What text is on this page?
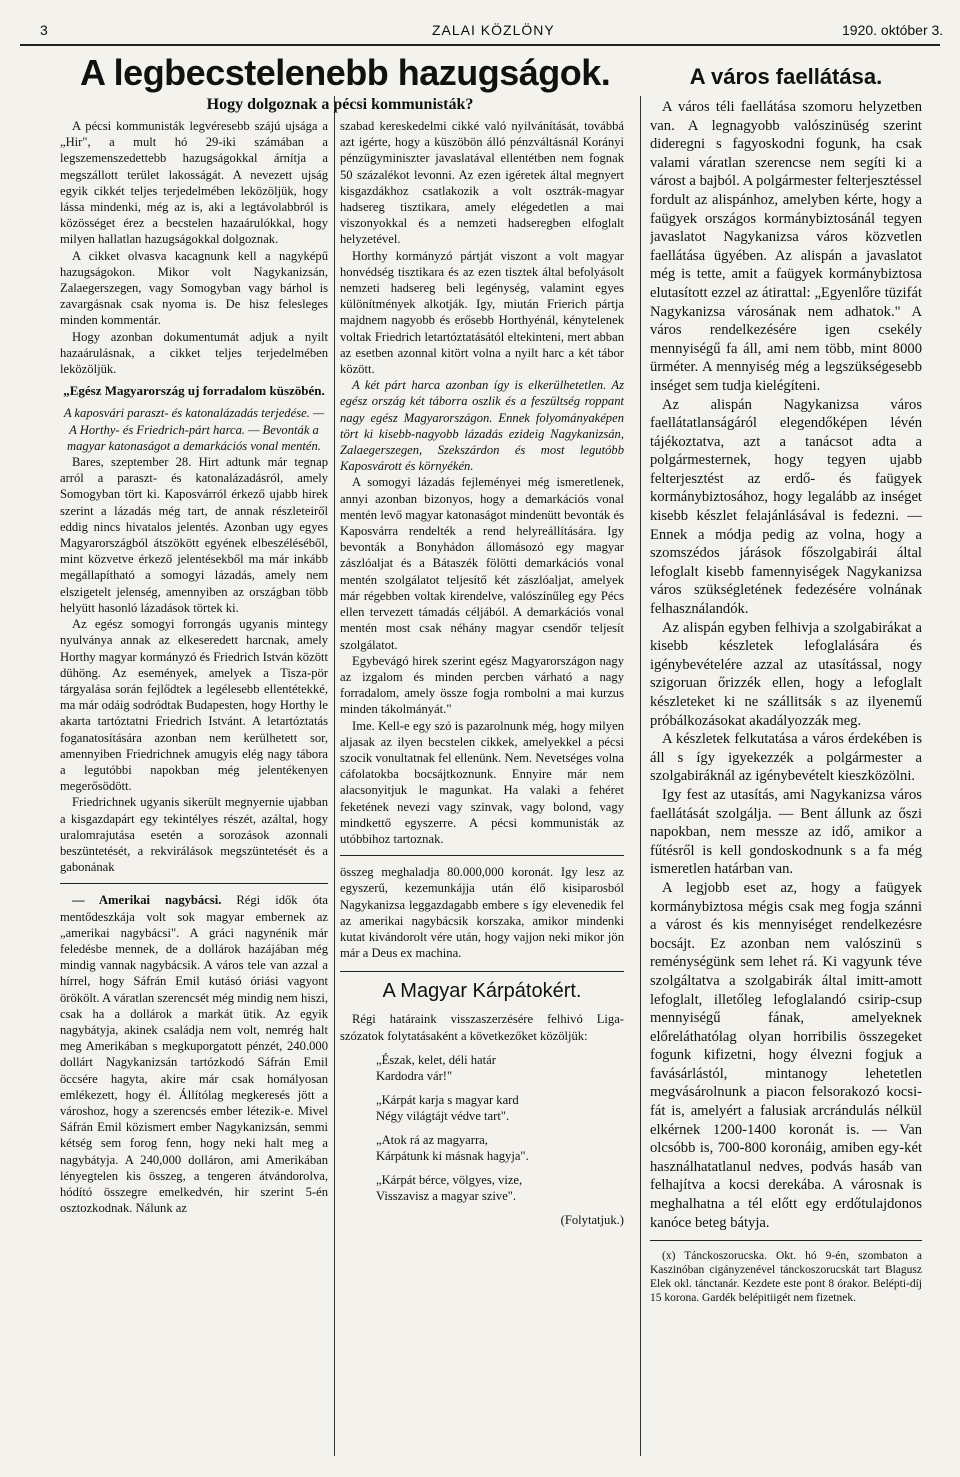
3	ZALAI KÖZLÖNY	1920. október 3.
A legbecstelenebb hazugságok.
Hogy dolgoznak a pécsi kommunisták?
A város faellátása.

A pécsi kommunisták legvéresebb szájú ujsága a „Hir", a mult hó 29-iki számában a legszemenszedettebb hazugságokkal árnítja a megszállott terület lakosságát. A nevezett ujság egyik cikkét teljes terjedelmében leközöljük, hogy lássa mindenki, még az is, aki a legtávolabbról is közösséget érez a becstelen hazaárulókkal, hogy milyen hallatlan hazugságokkal dolgoznak.

A cikket olvasva kacagnunk kell a nagyképű hazugságokon. Mikor volt Nagykanizsán, Zalaegerszegen, vagy Somogyban vagy bárhol is zavargásnak csak nyoma is. De hisz felesleges minden kommentár.

Hogy azonban dokumentumát adjuk a nyilt hazaárulásnak, a cikket teljes terjedelmében leközöljük.

„Egész Magyarország uj forradalom küszöbén.

A kaposvári paraszt- és katonalázadás terjedése. — A Horthy- és Friedrich-párt harca. — Bevonták a magyar katonaságot a demarkációs vonal mentén.

Bares, szeptember 28. Hirt adtunk már tegnap arról a paraszt- és katonalázadásról, amely Somogyban tört ki. Kaposvárról érkező ujabb hirek szerint a lázadás még tart, de annak részleteiről eddig nincs hivatalos jelentés. Azonban ugy egyes Magyarországból átszökött egyének elbeszéléséből, mint közvetve érkező jelentésekből ma már inkább megállapítható a somogyi lázadás, amely nem elszigetelt jelenség, amennyiben az országban több helyütt hasonló lázadások törtek ki.

Az egész somogyi forrongás ugyanis mintegy nyulványa annak az elkeseredett harcnak, amely Horthy magyar kormányzó és Friedrich István között dühöng. Az események, amelyek a Tisza-pör tárgyalása során fejlődtek a legélesebb ellentétekké, ma már odáig sodródtak Budapesten, hogy Horthy le akarta tartóztatni Friedrich Istvánt. A letartóztatás foganatosítására azonban nem kerülhetett sor, amennyiben Friedrichnek amugyis elég nagy tábora a legutóbbi napokban még jelentékenyen megerősödött.

Friedrichnek ugyanis sikerült megnyernie ujabban a kisgazdapárt egy tekintélyes részét, azáltal, hogy uralomrajutása esetén a sorozások azonnali beszüntetését, a rekvirálások megszüntetését és a gabonának

— Amerikai nagybácsi. Régi idők óta mentődeszkája volt sok magyar embernek az „amerikai nagybácsi". A gráci nagynénik már feledésbe mennek, de a dollárok hazájában még mindig vannak nagybácsik. A város tele van azzal a hírrel, hogy Sáfrán Emil kutásó óriási vagyont örökölt. A váratlan szerencsét még mindig nem hiszi, csak ha a dollárok a markát ütik. Az egyik nagybátyja, akinek családja nem volt, nemrég halt meg Amerikában s megkuporgatott pénzét, 240.000 dollárt Nagykanizsán tartózkodó Sáfrán Emil öccsére hagyta, akire már csak homályosan emlékezett, hogy él. Állítólag megkeresés jött a városhoz, hogy a szerencsés ember létezik-e. Mivel Sáfrán Emil közismert ember Nagykanizsán, semmi kétség sem forog fenn, hogy neki halt meg a nagybátyja. A 240,000 dolláron, ami Amerikában lényegtelen kis összeg, a tengeren átvándorolva, hódító összegre emelkedvén, hir szerint 5-én osztozkodnak. Nálunk az

szabad kereskedelmi cikké való nyilvánítását, továbbá azt igérte, hogy a küszöbön álló pénzváltásnál Korányi pénzügyminiszter javaslatával ellentétben nem fognak 50 százalékot levonni. Az ezen igéretek által megnyert kisgazdákhoz csatlakozik a volt osztrák-magyar hadsereg tisztikara, amely elégedetlen a mai viszonyokkal és a nemzeti hadseregben elfoglalt helyzetével.

Horthy kormányzó pártját viszont a volt magyar honvédség tisztikara és az ezen tisztek által befolyásolt nemzeti hadsereg beli legénység, valamint egyes különítmények alkotják. Igy, miután Frierich pártja majdnem nagyobb és erősebb Horthyénál, kénytelenek voltak Friedrich letartóztatásától eltekinteni, mert abban az esetben azonnal kitört volna a nyilt harc a két tábor között.

A két párt harca azonban így is elkerülhetetlen. Az egész ország két táborra oszlik és a feszültség roppant nagy egész Magyarországon. Ennek folyományaképen tört ki kisebb-nagyobb lázadás ezideig Nagykanizsán, Zalaegerszegen, Szekszárdon és most legutóbb Kaposvárott és környékén.

A somogyi lázadás fejleményei még ismeretlenek, annyi azonban bizonyos, hogy a demarkációs vonal mentén levő magyar katonaságot mindenütt bevonták és Kaposvárra rendelték a rend helyreállítására. Igy bevonták a Bonyhádon állomásozó egy magyar zászlóaljat és a Bátaszék fölötti demarkációs vonal mentén szolgálatot teljesítő két zászlóaljat, amelyek már régebben voltak kirendelve, valószínűleg egy Pécs ellen tervezett támadás céljából. A demarkációs vonal mentén most csak néhány magyar csendőr teljesít szolgálatot.

Egybevágó hirek szerint egész Magyarországon nagy az izgalom és minden percben várható a nagy forradalom, amely össze fogja rombolni a mai kurzus minden tákolmányát."

Ime. Kell-e egy szó is pazarolnunk még, hogy milyen aljasak az ilyen becstelen cikkek, amelyekkel a pécsi szocik vonultatnak fel ellenünk. Nem. Nevetséges volna cáfolatokba bocsájtkoznunk. Ennyire már nem alacsonyitjuk le magunkat. Ha valaki a fehéret feketének nevezi vagy szinvak, vagy bolond, vagy mindkettő egyszerre. A pécsi kommunisták az utóbbihoz tartoznak.

összeg meghaladja 80.000,000 koronát. Igy lesz az egyszerű, kezemunkájja után élő kisiparosból Nagykanizsa leggazdagabb embere s így elevenedik fel az amerikai nagybácsik korszaka, amikor mindenki kutat kivándorolt vére után, hogy vajjon neki mikor jön már a Deus ex machina.

A Magyar Kárpátokért.

Régi határaink visszaszerzésére felhivó Liga-szózatok folytatásaként a következőket közöljük:

„Észak, kelet, déli határ
Kardodra vár!"
„Kárpát karja s magyar kard
Négy világtájt védve tart".
„Atok rá az magyarra,
Kárpátunk ki másnak hagyja".
„Kárpát bérce, völgyes, vize,
Visszavisz a magyar szive".

(Folytatjuk.)

A város téli faellátása szomoru helyzetben van. A legnagyobb valószinüség szerint dideregni s fagyoskodni fogunk, ha csak valami váratlan szerencse nem segíti ki a várost a bajból. A polgármester felterjesztéssel fordult az alispánhoz, amelyben kérte, hogy a faügyek országos kormánybiztosánál tegyen javaslatot Nagykanizsa város közvetlen faellátása ügyében. Az alispán a javaslatot még is tette, amit a faügyek kormánybiztosa elutasított ezzel az átirattal: „Egyenlőre tüzifát Nagykanizsa városának nem adhatok." A város rendelkezésére igen csekély mennyiségű fa áll, ami nem több, mint 8000 ürméter. A mennyiség még a legszükségesebb inséget sem tudja kielégíteni.

Az alispán Nagykanizsa város faellátatlanságáról elegendőképen lévén tájékoztatva, azt a tanácsot adta a polgármesternek, hogy tegyen ujabb felterjesztést az erdő- és faügyek kormánybiztosához, hogy legalább az inséget kisebb készlet felajánlásával is fedezni. — Ennek a módja pedig az volna, hogy a szomszédos járások főszolgabirái által lefoglalt kisebb famennyiségek Nagykanizsa város szükségletének fedezésére volnának felhasználandók.

Az alispán egyben felhivja a szolgabirákat a kisebb készletek lefoglalására és igénybevételére azzal az utasítással, nogy szigoruan őrizzék ellen, hogy a lefoglalt készleteket ki ne szállitsák s az ilyenemű próbálkozásokat akadályozzák meg.

A készletek felkutatása a város érdekében is áll s így igyekezzék a polgármester a szolgabiráknál az igénybevételt kieszközölni.

Igy fest az utasítás, ami Nagykanizsa város faellátását szolgálja. — Bent állunk az őszi napokban, nem messze az idő, amikor a fűtésről is kell gondoskodnunk s a fa még ismeretlen határban van.

A legjobb eset az, hogy a faügyek kormánybiztosa mégis csak meg fogja szánni a várost és kis mennyiséget rendelkezésre bocsájt. Ez azonban nem valószinü s reménységünk sem lehet rá. Ki vagyunk téve szolgáltatva a szolgabirák által imitt-amott lefoglalt, illetőleg lefoglalandó csirip-csup mennyiségű fának, amelyeknek előreláthatólag olyan horribilis összegeket fogunk kifizetni, hogy élvezni fogjuk a favásárlástól, mintanogy lehetetlen megvásárolnunk a piacon felsorakozó kocsi-fát is, amelyért a falusiak arcrándulás nélkül elkérnek 1200-1400 koronát is. — Van olcsóbb is, 700-800 koronáig, amiben egy-két használhatatlanul nedves, podvás hasáb van felhajítva a kocsi derekába. A városnak is meghalhatna a tél előtt egy erdőtulajdonos kanóce beteg bátyja.

(x) Tánckoszorucska. Okt. hó 9-én, szombaton a Kaszinóban cigányzenével tánckoszorucskát tart Blagusz Elek okl. tánctanár. Kezdete este pont 8 órakor. Belépti-díj 15 korona. Gardék belépitiigét nem fizetnek.
